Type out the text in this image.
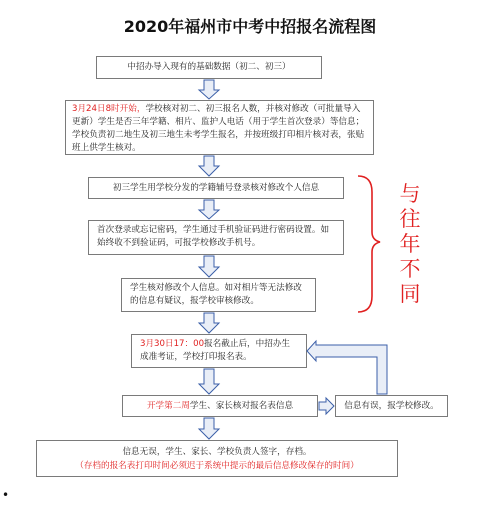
2020年福州市中考中招报名流程图
中招办导入现有的基础数据（初二、初三）
3月24日8时开始，学校核对初二、初三报名人数，并核对修改（可批量导入更新）学生是否三年学籍、相片、监护人电话（用于学生首次登录）等信息；学校负责初二地生及初三地生未考学生报名，并按班级打印相片核对表，张贴班上供学生核对。
初三学生用学校分发的学籍辅号登录核对修改个人信息
首次登录或忘记密码，学生通过手机验证码进行密码设置。如始终收不到验证码，可报学校修改手机号。
学生核对修改个人信息。如对相片等无法修改的信息有疑议，报学校审核修改。
3月30日17：00报名截止后，中招办生成准考证，学校打印报名表。
开学第二周学生、家长核对报名表信息	信息有误，报学校修改。
信息无误，学生、家长、学校负责人签字，存档。
（存档的报名表打印时间必须迟于系统中提示的最后信息修改保存的时间）
与
往
年
不
同
•
